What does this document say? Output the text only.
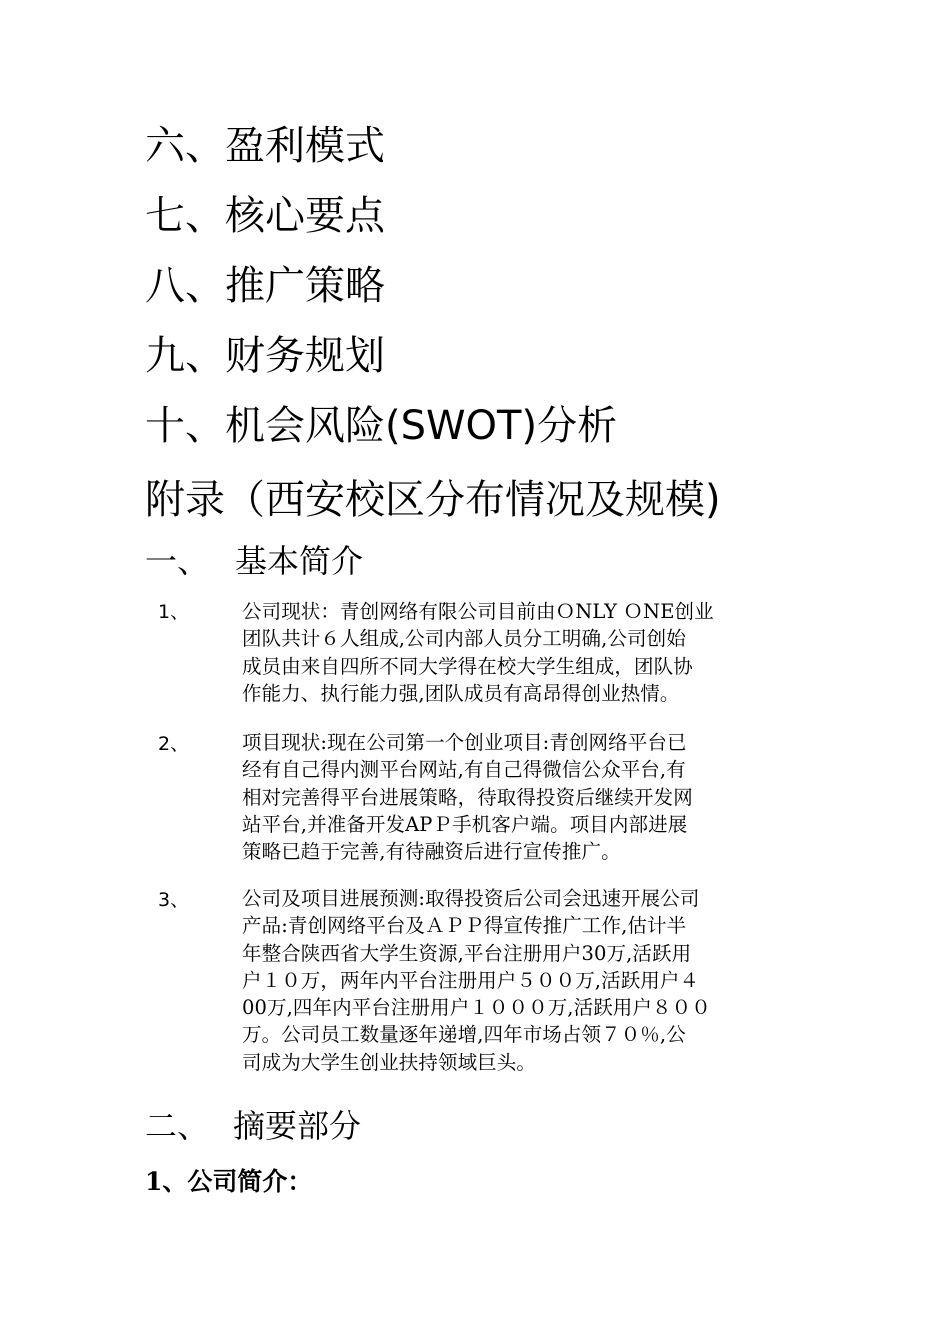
六、盈利模式
七、核心要点
八、推广策略
九、财务规划
十、机会风险(SWOT)分析
附录（西安校区分布情况及规模)
一、 基本简介
1、	公司现状：青创网络有限公司目前由ＯNLY ＯNE创业
团队共计６人组成,公司内部人员分工明确,公司创始
成员由来自四所不同大学得在校大学生组成，团队协
作能力、执行能力强,团队成员有高昂得创业热情。
2、	项目现状:现在公司第一个创业项目:青创网络平台已
经有自己得内测平台网站,有自己得微信公众平台,有
相对完善得平台进展策略，待取得投资后继续开发网
站平台,并准备开发APＰ手机客户端。项目内部进展
策略已趋于完善,有待融资后进行宣传推广。
3、	公司及项目进展预测:取得投资后公司会迅速开展公司
产品:青创网络平台及ＡＰＰ得宣传推广工作,估计半
年整合陕西省大学生资源,平台注册用户30万,活跃用
户１０万，两年内平台注册用户５００万,活跃用户４
00万,四年内平台注册用户１０００万,活跃用户８００
万。公司员工数量逐年递增,四年市场占领７０％,公
司成为大学生创业扶持领域巨头。
二、 摘要部分
1、公司简介：
